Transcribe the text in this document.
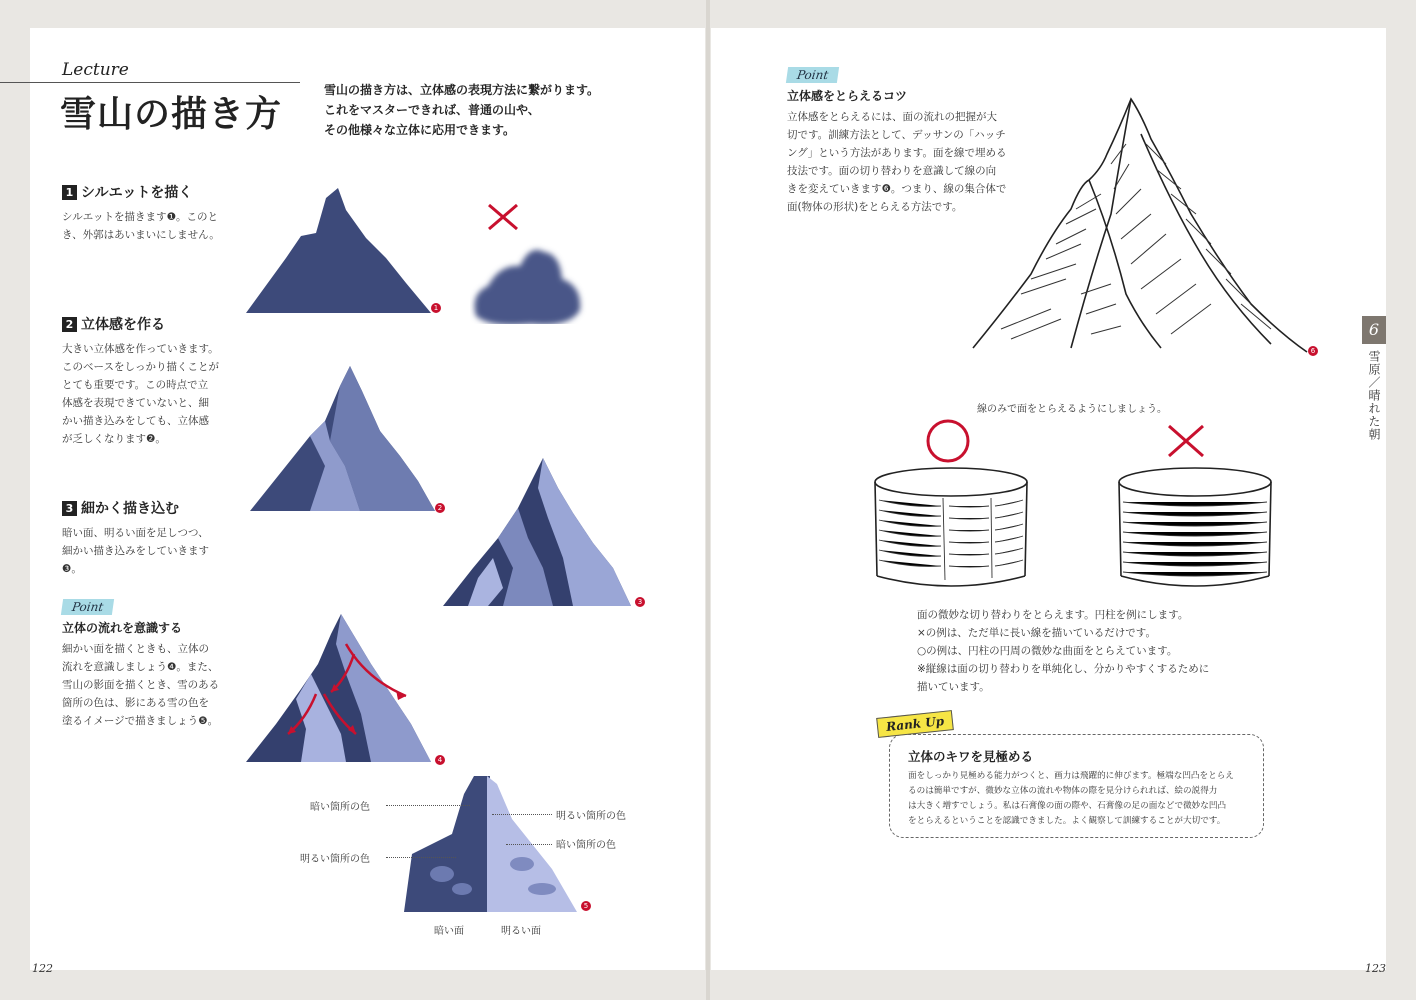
Lecture
雪山の描き方
雪山の描き方は、立体感の表現方法に繋がります。
これをマスターできれば、普通の山や、
その他様々な立体に応用できます。
1 シルエットを描く
シルエットを描きます❶。このと
き、外郭はあいまいにしません。
2 立体感を作る
大きい立体感を作っていきます。
このベースをしっかり描くことが
とても重要です。この時点で立
体感を表現できていないと、細
かい描き込みをしても、立体感
が乏しくなります❷。
3 細かく描き込む
暗い面、明るい面を足しつつ、
細かい描き込みをしていきます
❸。
Point
立体の流れを意識する
細かい面を描くときも、立体の
流れを意識しましょう❹。また、
雪山の影面を描くとき、雪のある
箇所の色は、影にある雪の色を
塗るイメージで描きましょう❺。
1
2
3
4
5
暗い箇所の色
明るい箇所の色
明るい箇所の色
暗い箇所の色
暗い面	明るい面
122
Point
立体感をとらえるコツ
立体感をとらえるには、面の流れの把握が大
切です。訓練方法として、デッサンの「ハッチ
ング」という方法があります。面を線で埋める
技法です。面の切り替わりを意識して線の向
きを変えていきます❻。つまり、線の集合体で
面(物体の形状)をとらえる方法です。
6
線のみで面をとらえるようにしましょう。
面の微妙な切り替わりをとらえます。円柱を例にします。
×の例は、ただ単に長い線を描いているだけです。
○の例は、円柱の円周の微妙な曲面をとらえています。
※縦線は面の切り替わりを単純化し、分かりやすくするために
描いています。
立体のキワを見極める
面をしっかり見極める能力がつくと、画力は飛躍的に伸びます。極端な凹凸をとらえ
るのは簡単ですが、微妙な立体の流れや物体の際を見分けられれば、絵の説得力
は大きく増すでしょう。私は石膏像の面の際や、石膏像の足の面などで微妙な凹凸
をとらえるということを認識できました。よく観察して訓練することが大切です。
Rank Up
6
雪原／晴れた朝
123
